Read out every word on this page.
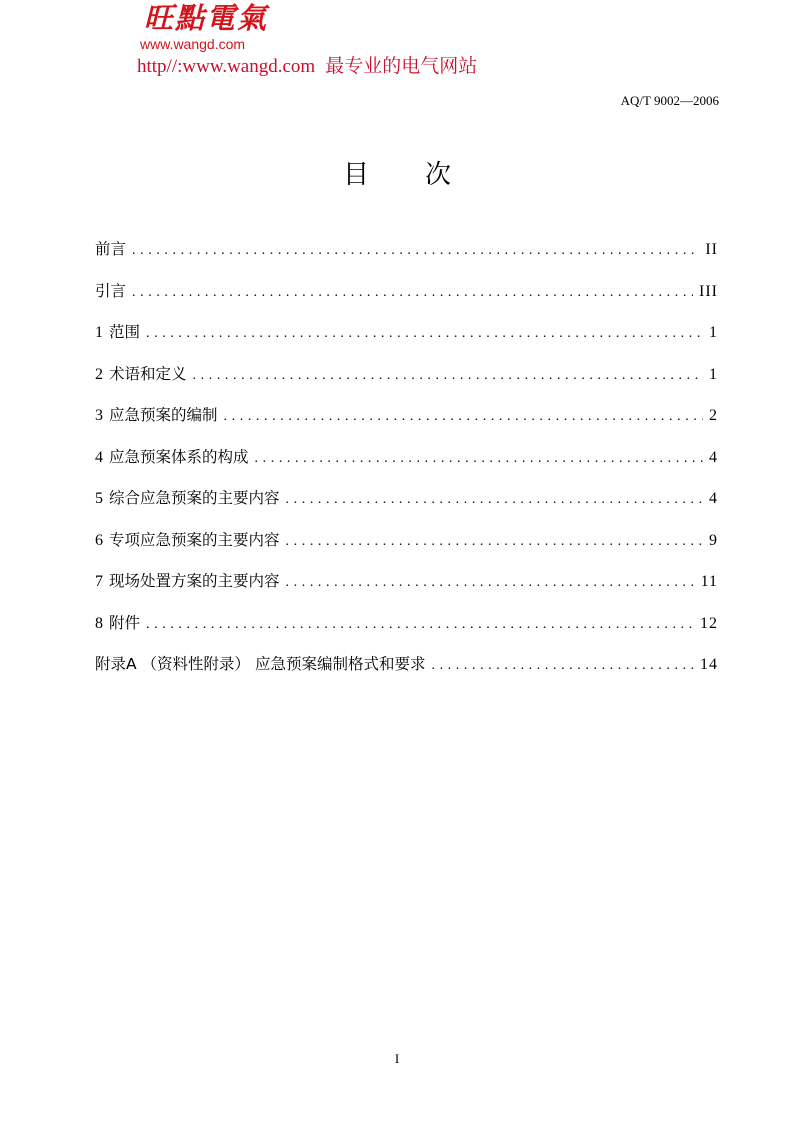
旺點電氣
www.wangd.com
http//:www.wangd.com 最专业的电气网站
AQ/T 9002—2006
目 次
前言 .....	II
引言 .....	III
1 范围 .....	1
2 术语和定义 .....	1
3 应急预案的编制 .....	2
4 应急预案体系的构成 .....	4
5 综合应急预案的主要内容 .....	4
6 专项应急预案的主要内容 .....	9
7 现场处置方案的主要内容 .....	11
8 附件 .....	12
附录A （资料性附录） 应急预案编制格式和要求 .....	14
I
